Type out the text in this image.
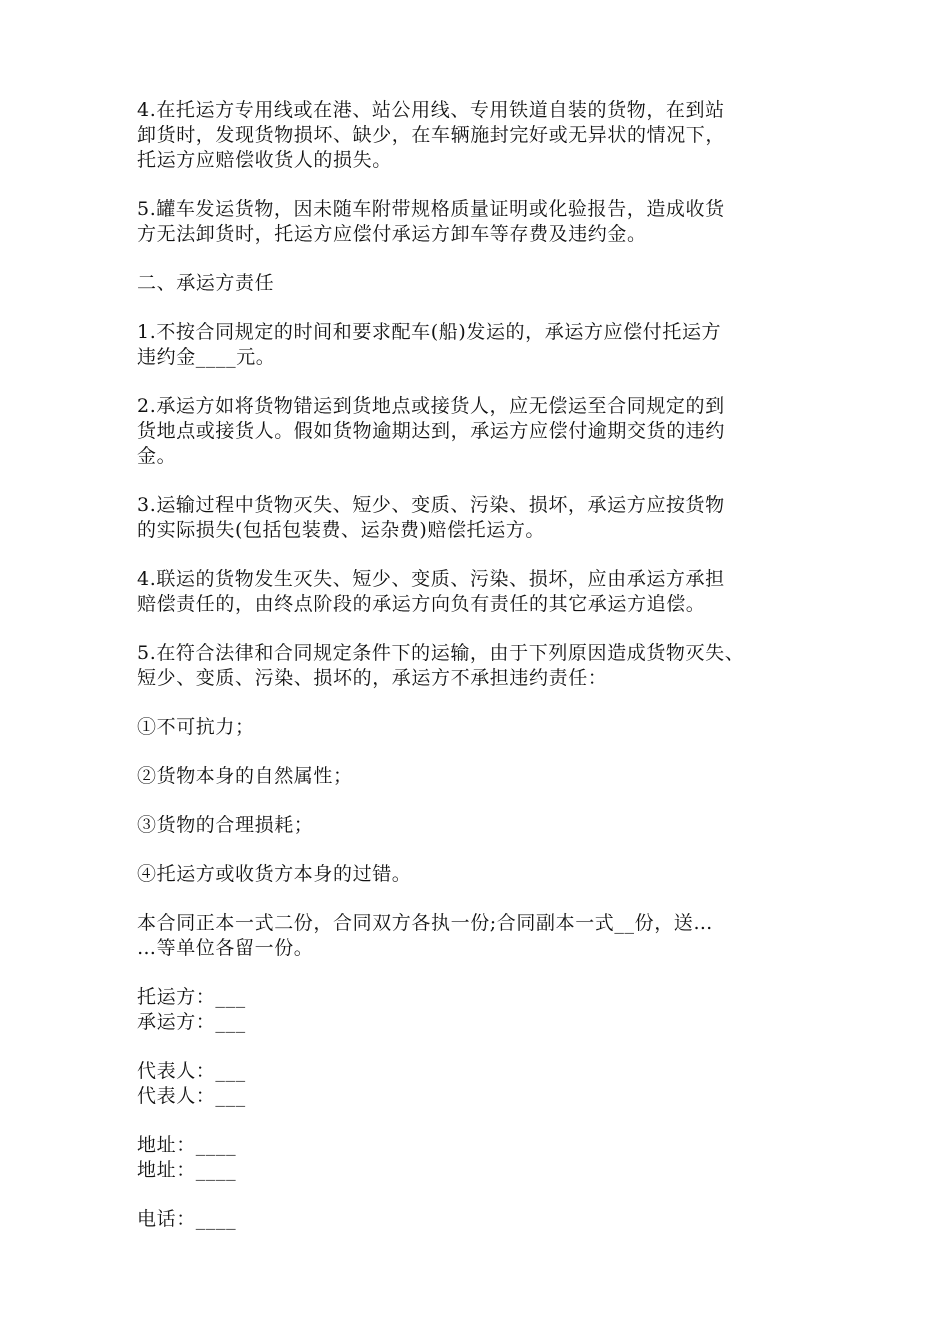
4.在托运方专用线或在港、站公用线、专用铁道自装的货物，在到站
卸货时，发现货物损坏、缺少，在车辆施封完好或无异状的情况下，
托运方应赔偿收货人的损失。

5.罐车发运货物，因未随车附带规格质量证明或化验报告，造成收货
方无法卸货时，托运方应偿付承运方卸车等存费及违约金。

二、承运方责任

1.不按合同规定的时间和要求配车(船)发运的，承运方应偿付托运方
违约金____元。

2.承运方如将货物错运到货地点或接货人，应无偿运至合同规定的到
货地点或接货人。假如货物逾期达到，承运方应偿付逾期交货的违约
金。

3.运输过程中货物灭失、短少、变质、污染、损坏，承运方应按货物
的实际损失(包括包装费、运杂费)赔偿托运方。

4.联运的货物发生灭失、短少、变质、污染、损坏，应由承运方承担
赔偿责任的，由终点阶段的承运方向负有责任的其它承运方追偿。

5.在符合法律和合同规定条件下的运输，由于下列原因造成货物灭失、
短少、变质、污染、损坏的，承运方不承担违约责任：

①不可抗力；

②货物本身的自然属性；

③货物的合理损耗；

④托运方或收货方本身的过错。

本合同正本一式二份，合同双方各执一份;合同副本一式__份，送…
…等单位各留一份。

托运方：___
承运方：___
代表人：___
代表人：___
地址：____
地址：____
电话：____
